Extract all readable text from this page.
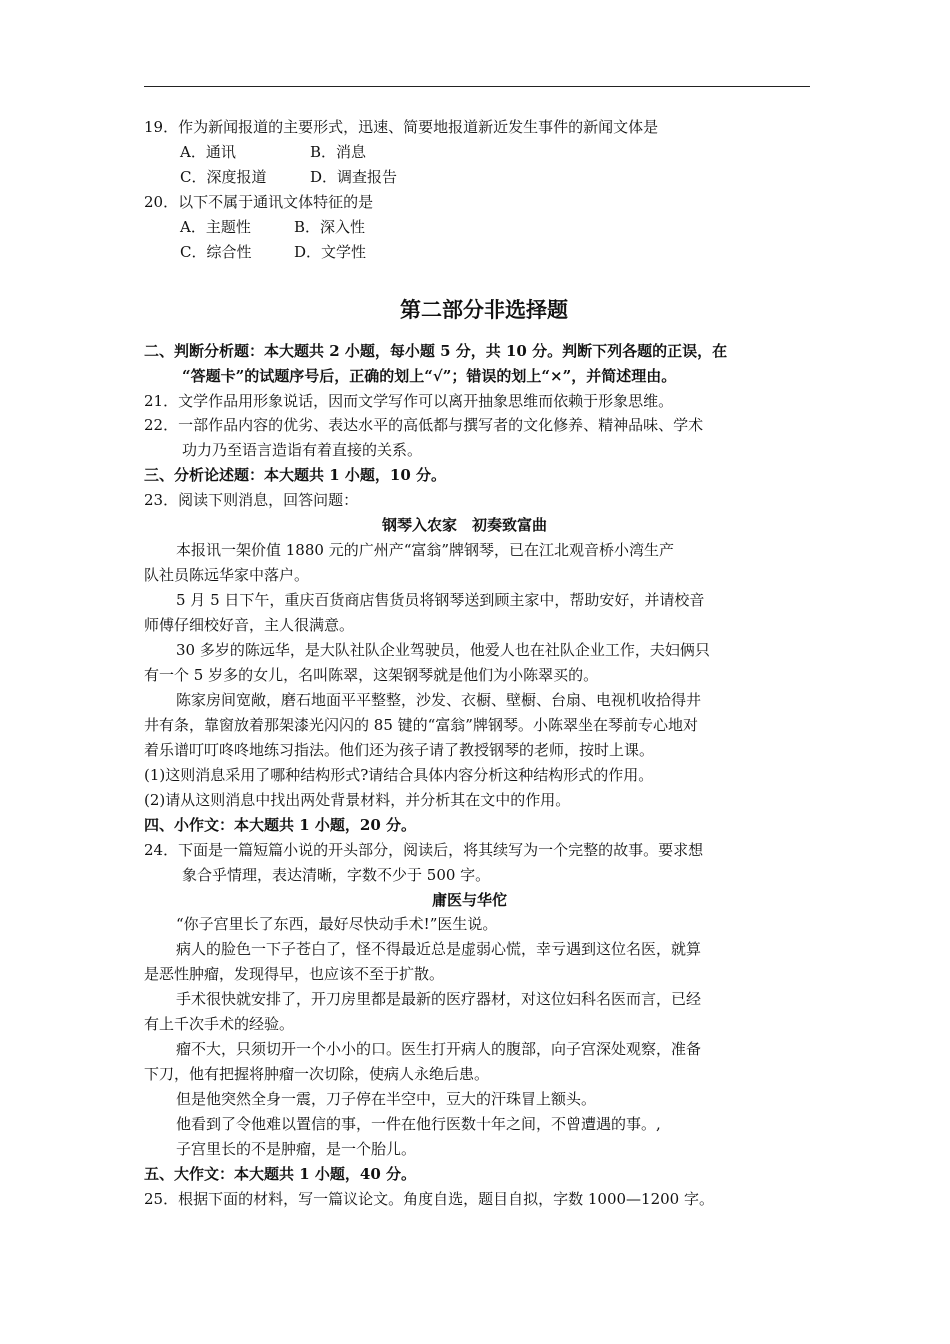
19．作为新闻报道的主要形式，迅速、简要地报道新近发生事件的新闻文体是
A．通讯	B．消息
C．深度报道	D．调查报告
20．以下不属于通讯文体特征的是
A．主题性	B．深入性
C．综合性	D．文学性
第二部分非选择题
二、判断分析题：本大题共 2 小题，每小题 5 分，共 10 分。判断下列各题的正误，在
“答题卡”的试题序号后，正确的划上“√”；错误的划上“×”，并简述理由。
21．文学作品用形象说话，因而文学写作可以离开抽象思维而依赖于形象思维。
22．一部作品内容的优劣、表达水平的高低都与撰写者的文化修养、精神品味、学术
功力乃至语言造诣有着直接的关系。
三、分析论述题：本大题共 1 小题，10 分。
23．阅读下则消息，回答问题：
钢琴入农家　初奏致富曲
本报讯一架价值 1880 元的广州产“富翁”牌钢琴，已在江北观音桥小湾生产
队社员陈远华家中落户。
5 月 5 日下午，重庆百货商店售货员将钢琴送到顾主家中，帮助安好，并请校音
师傅仔细校好音，主人很满意。
30 多岁的陈远华，是大队社队企业驾驶员，他爱人也在社队企业工作，夫妇俩只
有一个 5 岁多的女儿，名叫陈翠，这架钢琴就是他们为小陈翠买的。
陈家房间宽敞，磨石地面平平整整，沙发、衣橱、壁橱、台扇、电视机收拾得井
井有条，靠窗放着那架漆光闪闪的 85 键的“富翁”牌钢琴。小陈翠坐在琴前专心地对
着乐谱叮叮咚咚地练习指法。他们还为孩子请了教授钢琴的老师，按时上课。
(1)这则消息采用了哪种结构形式?请结合具体内容分析这种结构形式的作用。
(2)请从这则消息中找出两处背景材料，并分析其在文中的作用。
四、小作文：本大题共 1 小题，20 分。
24．下面是一篇短篇小说的开头部分，阅读后，将其续写为一个完整的故事。要求想
象合乎情理，表达清晰，字数不少于 500 字。
庸医与华佗
“你子宫里长了东西，最好尽快动手术!”医生说。
病人的脸色一下子苍白了，怪不得最近总是虚弱心慌，幸亏遇到这位名医，就算
是恶性肿瘤，发现得早，也应该不至于扩散。
手术很快就安排了，开刀房里都是最新的医疗器材，对这位妇科名医而言，已经
有上千次手术的经验。
瘤不大，只须切开一个小小的口。医生打开病人的腹部，向子宫深处观察，准备
下刀，他有把握将肿瘤一次切除，使病人永绝后患。
但是他突然全身一震，刀子停在半空中，豆大的汗珠冒上额头。
他看到了令他难以置信的事，一件在他行医数十年之间，不曾遭遇的事。,
子宫里长的不是肿瘤，是一个胎儿。
五、大作文：本大题共 1 小题，40 分。
25．根据下面的材料，写一篇议论文。角度自选，题目自拟，字数 1000—1200 字。
